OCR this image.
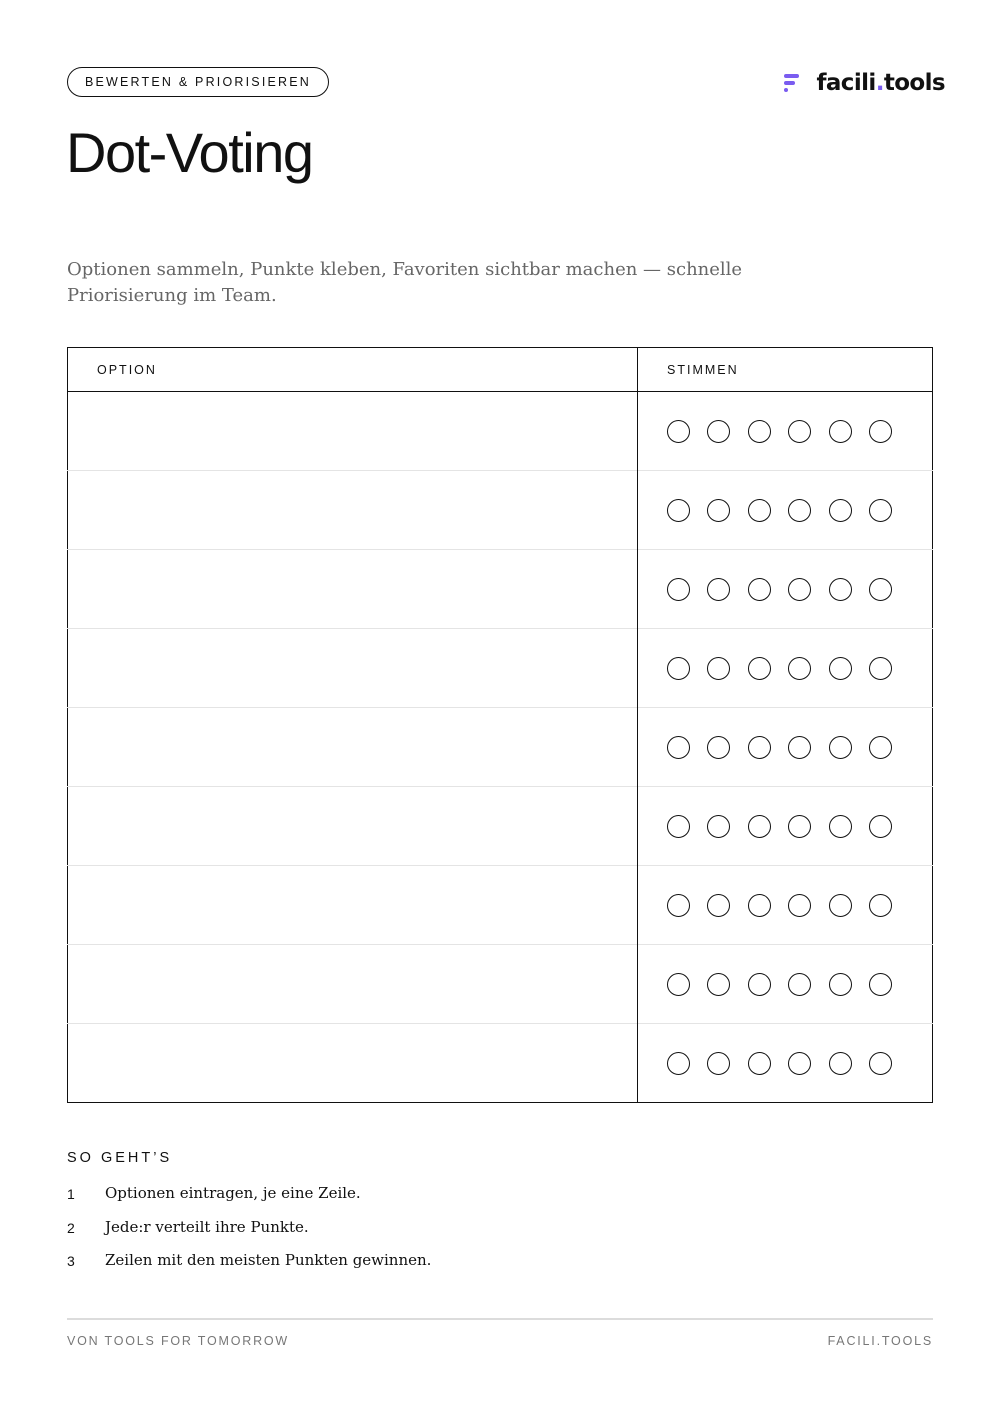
BEWERTEN & PRIORISIEREN	facili . tools
Dot-Voting

Optionen sammeln, Punkte kleben, Favoriten sichtbar machen — schnelle Priorisierung im Team.

OPTION	STIMMEN

SO GEHT’S
1	Optionen eintragen, je eine Zeile.
2	Jede:r verteilt ihre Punkte.
3	Zeilen mit den meisten Punkten gewinnen.
VON TOOLS FOR TOMORROW	FACILI.TOOLS
